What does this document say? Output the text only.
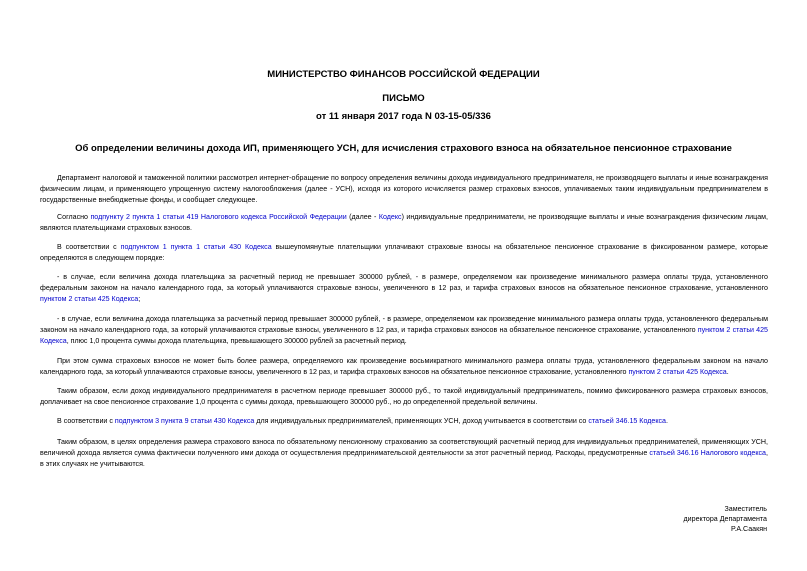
МИНИСТЕРСТВО ФИНАНСОВ РОССИЙСКОЙ ФЕДЕРАЦИИ
ПИСЬМО
от 11 января 2017 года N 03-15-05/336
Об определении величины дохода ИП, применяющего УСН, для исчисления страхового взноса на обязательное пенсионное страхование

Департамент налоговой и таможенной политики рассмотрел интернет-обращение по вопросу определения величины дохода индивидуального предпринимателя, не производящего выплаты и иные вознаграждения физическим лицам, и применяющего упрощенную систему налогообложения (далее - УСН), исходя из которого исчисляется размер страховых взносов, уплачиваемых таким индивидуальным предпринимателем в государственные внебюджетные фонды, и сообщает следующее.

Согласно подпункту 2 пункта 1 статьи 419 Налогового кодекса Российской Федерации (далее - Кодекс) индивидуальные предприниматели, не производящие выплаты и иные вознаграждения физическим лицам, являются плательщиками страховых взносов.

В соответствии с подпунктом 1 пункта 1 статьи 430 Кодекса вышеупомянутые плательщики уплачивают страховые взносы на обязательное пенсионное страхование в фиксированном размере, которые определяются в следующем порядке:

- в случае, если величина дохода плательщика за расчетный период не превышает 300000 рублей, - в размере, определяемом как произведение минимального размера оплаты труда, установленного федеральным законом на начало календарного года, за который уплачиваются страховые взносы, увеличенного в 12 раз, и тарифа страховых взносов на обязательное пенсионное страхование, установленного пунктом 2 статьи 425 Кодекса;

- в случае, если величина дохода плательщика за расчетный период превышает 300000 рублей, - в размере, определяемом как произведение минимального размера оплаты труда, установленного федеральным законом на начало календарного года, за который уплачиваются страховые взносы, увеличенного в 12 раз, и тарифа страховых взносов на обязательное пенсионное страхование, установленного пунктом 2 статьи 425 Кодекса, плюс 1,0 процента суммы дохода плательщика, превышающего 300000 рублей за расчетный период.

При этом сумма страховых взносов не может быть более размера, определяемого как произведение восьмикратного минимального размера оплаты труда, установленного федеральным законом на начало календарного года, за который уплачиваются страховые взносы, увеличенного в 12 раз, и тарифа страховых взносов на обязательное пенсионное страхование, установленного пунктом 2 статьи 425 Кодекса.

Таким образом, если доход индивидуального предпринимателя в расчетном периоде превышает 300000 руб., то такой индивидуальный предприниматель, помимо фиксированного размера страховых взносов, доплачивает на свое пенсионное страхование 1,0 процента с суммы дохода, превышающего 300000 руб., но до определенной предельной величины.

В соответствии с подпунктом 3 пункта 9 статьи 430 Кодекса для индивидуальных предпринимателей, применяющих УСН, доход учитывается в соответствии со статьей 346.15 Кодекса.

Таким образом, в целях определения размера страхового взноса по обязательному пенсионному страхованию за соответствующий расчетный период для индивидуальных предпринимателей, применяющих УСН, величиной дохода является сумма фактически полученного ими дохода от осуществления предпринимательской деятельности за этот расчетный период. Расходы, предусмотренные статьей 346.16 Налогового кодекса, в этих случаях не учитываются.

Заместитель
директора Департамента
Р.А.Саакян
